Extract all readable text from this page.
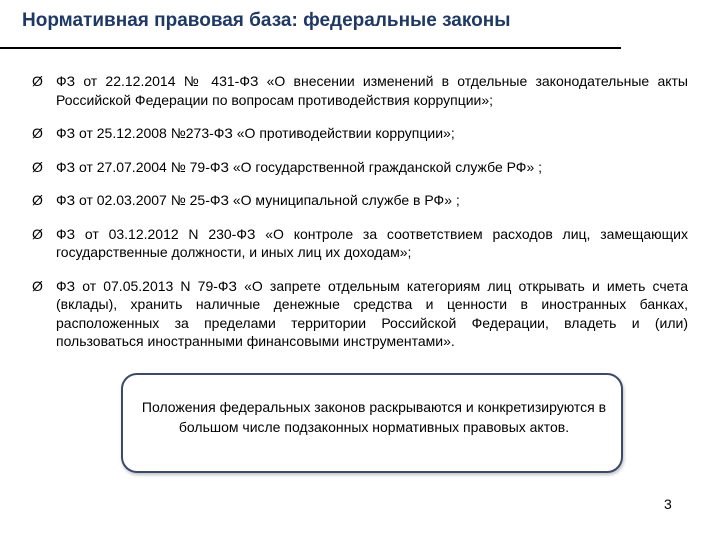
Нормативная правовая база: федеральные законы
Ø ФЗ от 22.12.2014 № 431-ФЗ «О внесении изменений в отдельные законодательные акты Российской Федерации по вопросам противодействия коррупции»;
Ø ФЗ от 25.12.2008 №273-ФЗ «О противодействии коррупции»;
Ø ФЗ от 27.07.2004 № 79-ФЗ «О государственной гражданской службе РФ» ;
Ø ФЗ от 02.03.2007 № 25-ФЗ «О муниципальной службе в РФ» ;
Ø ФЗ от 03.12.2012 N 230-ФЗ «О контроле за соответствием расходов лиц, замещающих государственные должности, и иных лиц их доходам»;
Ø ФЗ от 07.05.2013 N 79-ФЗ «О запрете отдельным категориям лиц открывать и иметь счета (вклады), хранить наличные денежные средства и ценности в иностранных банках, расположенных за пределами территории Российской Федерации, владеть и (или) пользоваться иностранными финансовыми инструментами».
Положения федеральных законов раскрываются и конкретизируются в большом числе подзаконных нормативных правовых актов.
3
